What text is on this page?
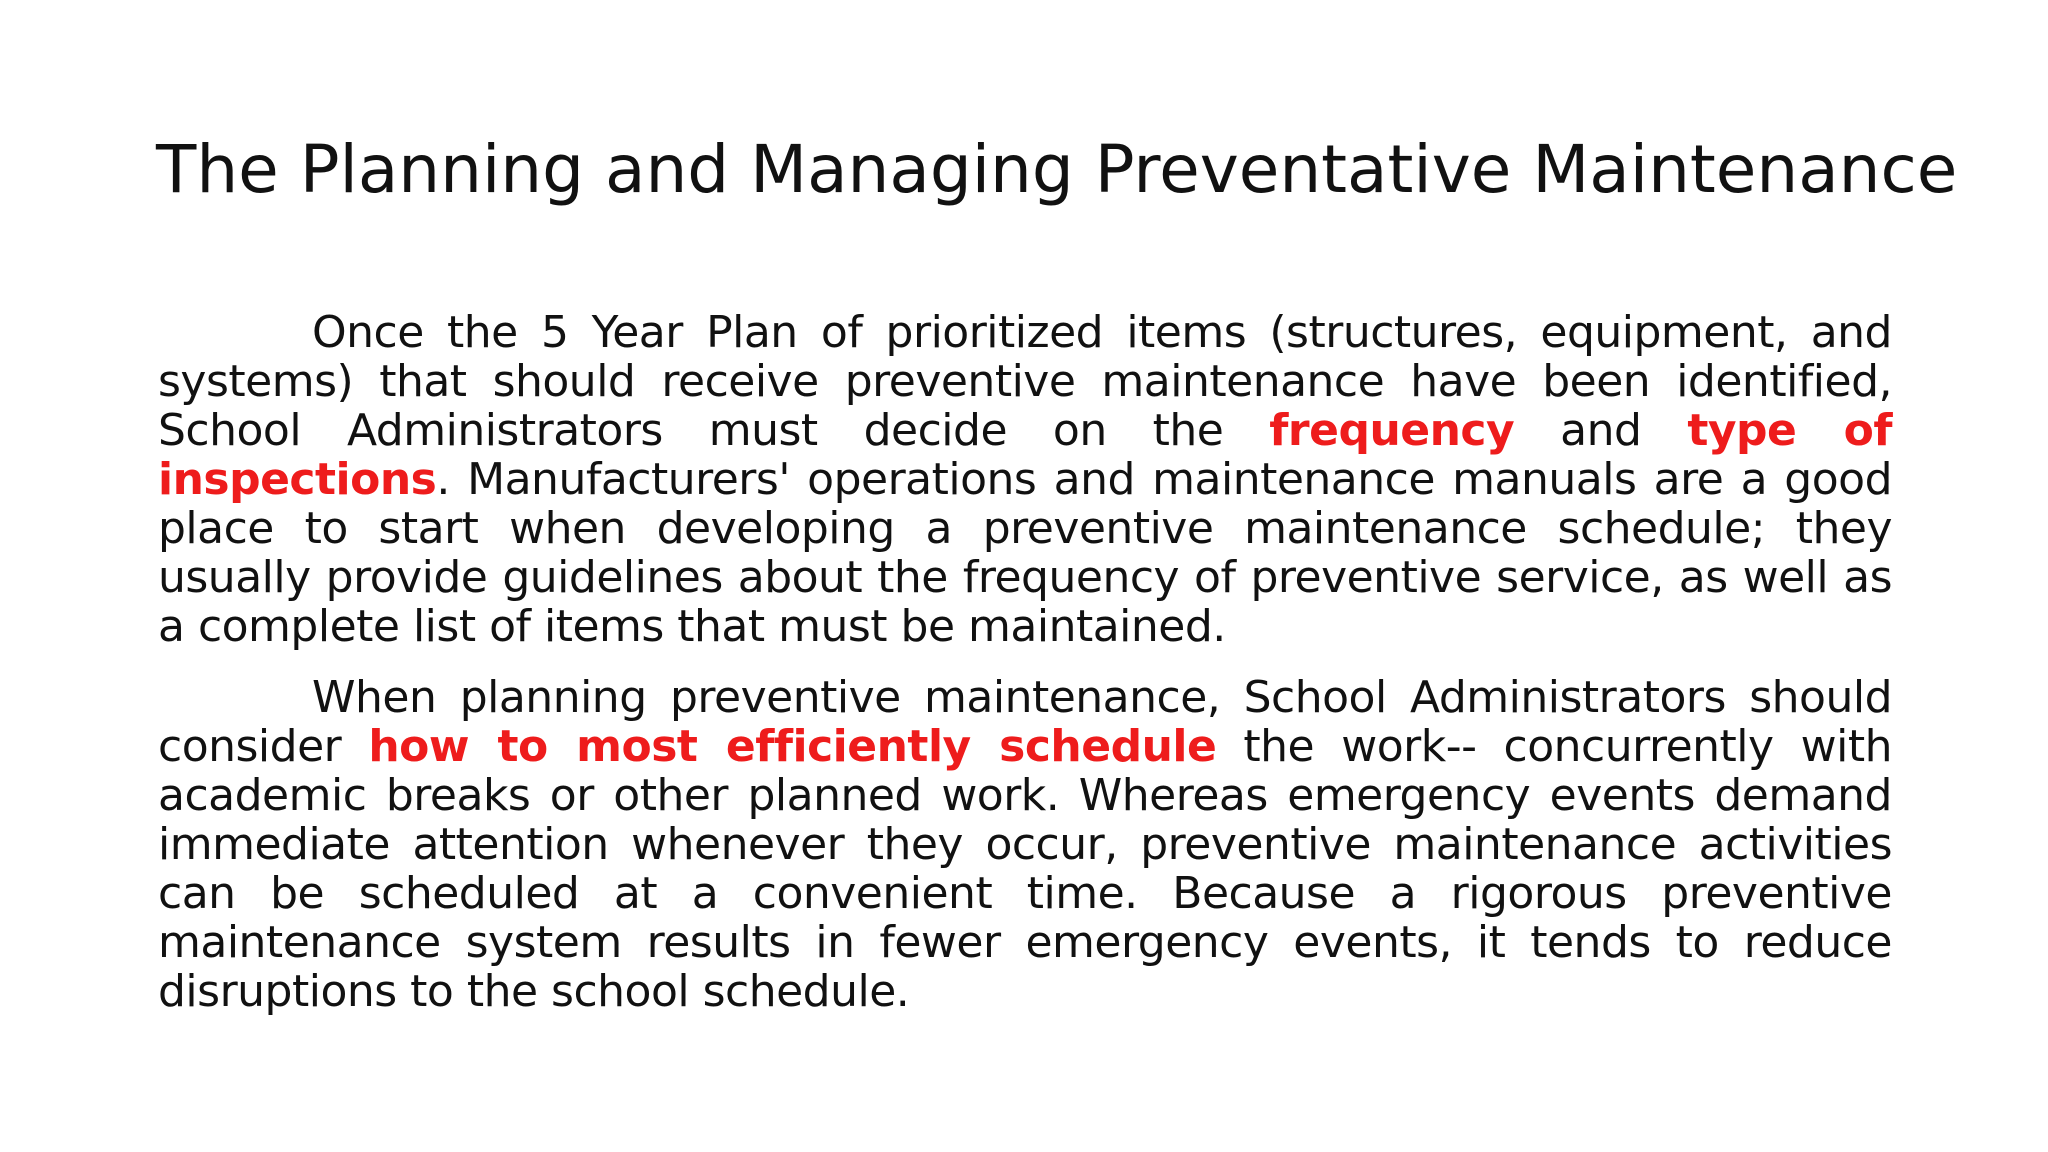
The Planning and Managing Preventative Maintenance

Once the 5 Year Plan of prioritized items (structures, equipment, and systems) that should receive preventive maintenance have been identified, School Administrators must decide on the frequency and type of inspections. Manufacturers' operations and maintenance manuals are a good place to start when developing a preventive maintenance schedule; they usually provide guidelines about the frequency of preventive service, as well as a complete list of items that must be maintained.

When planning preventive maintenance, School Administrators should consider how to most efficiently schedule the work-- concurrently with academic breaks or other planned work. Whereas emergency events demand immediate attention whenever they occur, preventive maintenance activities can be scheduled at a convenient time. Because a rigorous preventive maintenance system results in fewer emergency events, it tends to reduce disruptions to the school schedule.
